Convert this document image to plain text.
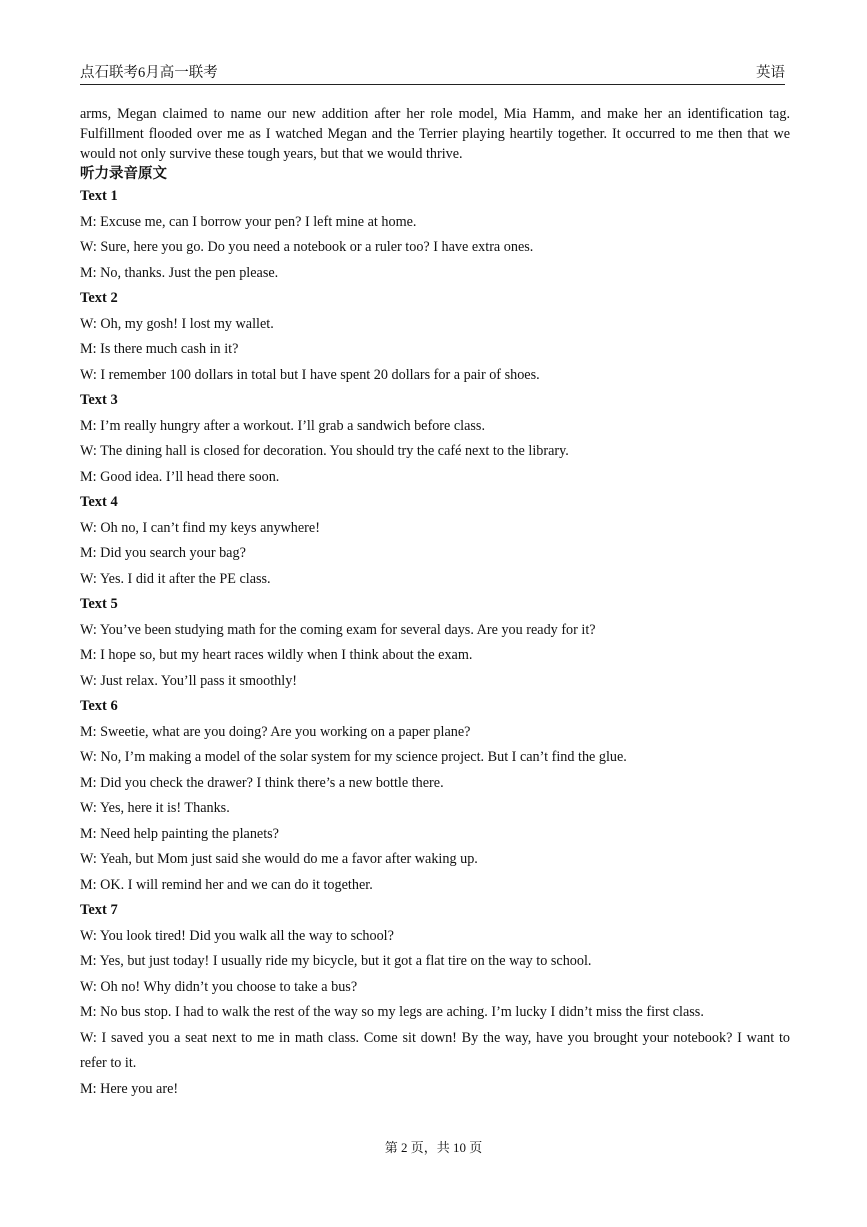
点石联考6月高一联考	英语

arms, Megan claimed to name our new addition after her role model, Mia Hamm, and make her an identification tag. Fulfillment flooded over me as I watched Megan and the Terrier playing heartily together. It occurred to me then that we would not only survive these tough years, but that we would thrive.

听力录音原文
Text 1
M: Excuse me, can I borrow your pen? I left mine at home.
W: Sure, here you go. Do you need a notebook or a ruler too? I have extra ones.
M: No, thanks. Just the pen please.
Text 2
W: Oh, my gosh! I lost my wallet.
M: Is there much cash in it?
W: I remember 100 dollars in total but I have spent 20 dollars for a pair of shoes.
Text 3
M: I’m really hungry after a workout. I’ll grab a sandwich before class.
W: The dining hall is closed for decoration. You should try the café next to the library.
M: Good idea. I’ll head there soon.
Text 4
W: Oh no, I can’t find my keys anywhere!
M: Did you search your bag?
W: Yes. I did it after the PE class.
Text 5
W: You’ve been studying math for the coming exam for several days. Are you ready for it?
M: I hope so, but my heart races wildly when I think about the exam.
W: Just relax. You’ll pass it smoothly!
Text 6
M: Sweetie, what are you doing? Are you working on a paper plane?
W: No, I’m making a model of the solar system for my science project. But I can’t find the glue.
M: Did you check the drawer? I think there’s a new bottle there.
W: Yes, here it is! Thanks.
M: Need help painting the planets?
W: Yeah, but Mom just said she would do me a favor after waking up.
M: OK. I will remind her and we can do it together.
Text 7
W: You look tired! Did you walk all the way to school?
M: Yes, but just today! I usually ride my bicycle, but it got a flat tire on the way to school.
W: Oh no! Why didn’t you choose to take a bus?
M: No bus stop. I had to walk the rest of the way so my legs are aching. I’m lucky I didn’t miss the first class.
W: I saved you a seat next to me in math class. Come sit down! By the way, have you brought your notebook? I want to refer to it.
M: Here you are!
第 2 页，共 10 页
